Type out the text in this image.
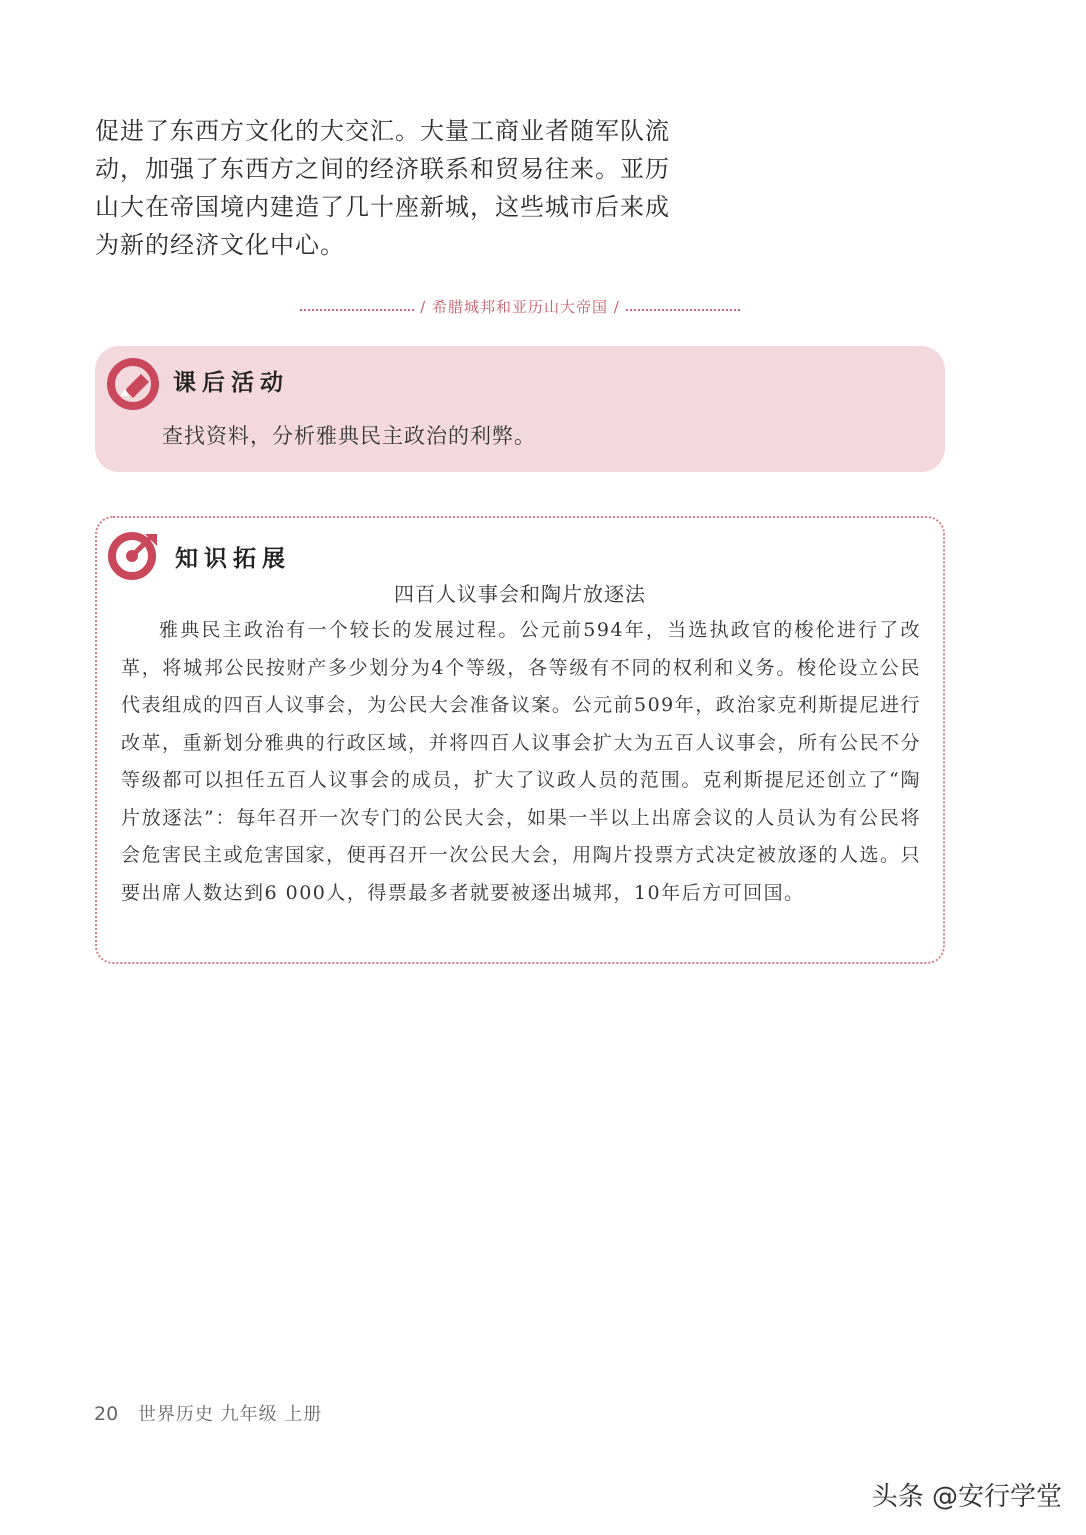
促进了东西方文化的大交汇。大量工商业者随军队流

动，加强了东西方之间的经济联系和贸易往来。亚历

山大在帝国境内建造了几十座新城，这些城市后来成

为新的经济文化中心。

/ 希腊城邦和亚历山大帝国 /
课后活动
查找资料，分析雅典民主政治的利弊。
知识拓展
四百人议事会和陶片放逐法

雅典民主政治有一个较长的发展过程。公元前594年，当选执政官的梭伦进行了改革，将城邦公民按财产多少划分为4个等级，各等级有不同的权利和义务。梭伦设立公民代表组成的四百人议事会，为公民大会准备议案。公元前509年，政治家克利斯提尼进行改革，重新划分雅典的行政区域，并将四百人议事会扩大为五百人议事会，所有公民不分等级都可以担任五百人议事会的成员，扩大了议政人员的范围。克利斯提尼还创立了“陶片放逐法”：每年召开一次专门的公民大会，如果一半以上出席会议的人员认为有公民将会危害民主或危害国家，便再召开一次公民大会，用陶片投票方式决定被放逐的人选。只要出席人数达到6 000人，得票最多者就要被逐出城邦，10年后方可回国。

20 世界历史 九年级 上册
头条 @安行学堂
